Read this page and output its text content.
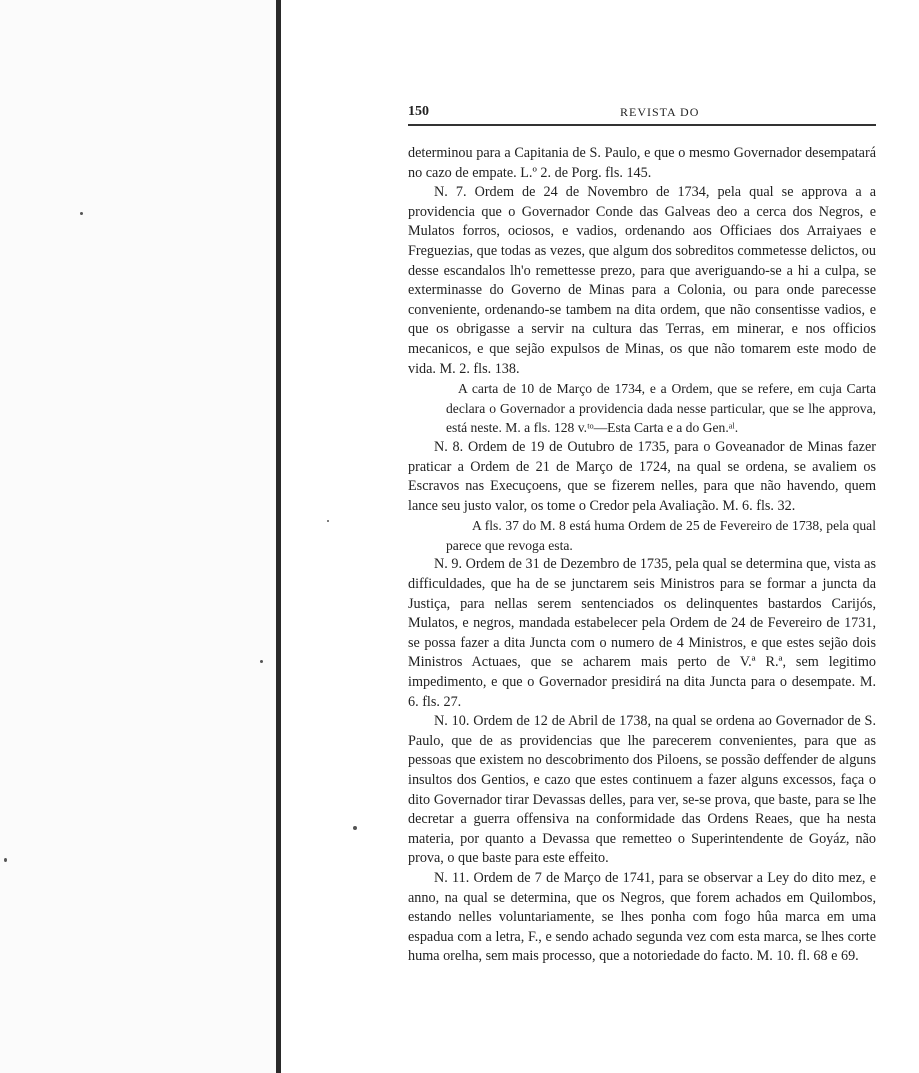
150	REVISTA DO

determinou para a Capitania de S. Paulo, e que o mesmo Governador desempatará no cazo de empate. L.º 2. de Porg. fls. 145.

N. 7. Ordem de 24 de Novembro de 1734, pela qual se approva a a providencia que o Governador Conde das Galveas deo a cerca dos Negros, e Mulatos forros, ociosos, e vadios, ordenando aos Officiaes dos Arraiyaes e Freguezias, que todas as vezes, que algum dos sobreditos commetesse delictos, ou desse escandalos lh'o remettesse prezo, para que averiguando-se a hi a culpa, se exterminasse do Governo de Minas para a Colonia, ou para onde parecesse conveniente, ordenando-se tambem na dita ordem, que não consentisse vadios, e que os obrigasse a servir na cultura das Terras, em minerar, e nos officios mecanicos, e que sejão expulsos de Minas, os que não tomarem este modo de vida. M. 2. fls. 138.

A carta de 10 de Março de 1734, e a Ordem, que se refere, em cuja Carta declara o Governador a providencia dada nesse particular, que se lhe approva, está neste. M. a fls. 128 v.ᵗᵒ—Esta Carta e a do Gen.ᵃˡ.

N. 8. Ordem de 19 de Outubro de 1735, para o Goveanador de Minas fazer praticar a Ordem de 21 de Março de 1724, na qual se ordena, se avaliem os Escravos nas Execuçoens, que se fizerem nelles, para que não havendo, quem lance seu justo valor, os tome o Credor pela Avaliação. M. 6. fls. 32.

A fls. 37 do M. 8 está huma Ordem de 25 de Fevereiro de 1738, pela qual parece que revoga esta.

N. 9. Ordem de 31 de Dezembro de 1735, pela qual se determina que, vista as difficuldades, que ha de se junctarem seis Ministros para se formar a juncta da Justiça, para nellas serem sentenciados os delinquentes bastardos Carijós, Mulatos, e negros, mandada estabelecer pela Ordem de 24 de Fevereiro de 1731, se possa fazer a dita Juncta com o numero de 4 Ministros, e que estes sejão dois Ministros Actuaes, que se acharem mais perto de V.ª R.ª, sem legitimo impedimento, e que o Governador presidirá na dita Juncta para o desempate. M. 6. fls. 27.

N. 10. Ordem de 12 de Abril de 1738, na qual se ordena ao Governador de S. Paulo, que de as providencias que lhe parecerem convenientes, para que as pessoas que existem no descobrimento dos Piloens, se possão deffender de alguns insultos dos Gentios, e cazo que estes continuem a fazer alguns excessos, faça o dito Governador tirar Devassas delles, para ver, se-se prova, que baste, para se lhe decretar a guerra offensiva na conformidade das Ordens Reaes, que ha nesta materia, por quanto a Devassa que remetteo o Superintendente de Goyáz, não prova, o que baste para este effeito.

N. 11. Ordem de 7 de Março de 1741, para se observar a Ley do dito mez, e anno, na qual se determina, que os Negros, que forem achados em Quilombos, estando nelles voluntariamente, se lhes ponha com fogo hûa marca em uma espadua com a letra, F., e sendo achado segunda vez com esta marca, se lhes corte huma orelha, sem mais processo, que a notoriedade do facto. M. 10. fl. 68 e 69.
